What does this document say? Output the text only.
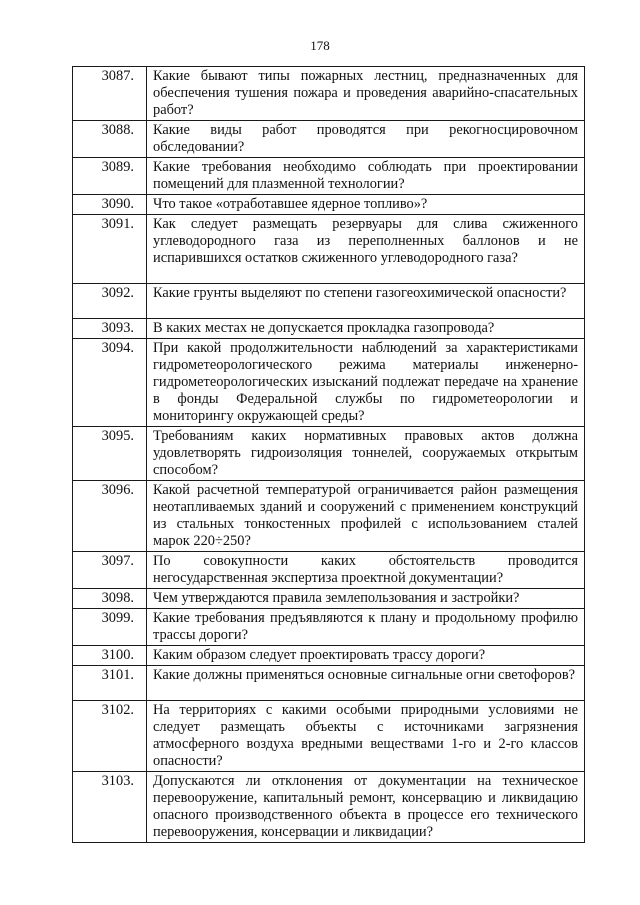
178
3087.	Какие бывают типы пожарных лестниц, предназначенных для обеспечения тушения пожара и проведения аварийно-спасательных работ?
3088.	Какие виды работ проводятся при рекогносцировочном обследовании?
3089.	Какие требования необходимо соблюдать при проектировании помещений для плазменной технологии?
3090.	Что такое «отработавшее ядерное топливо»?
3091.	Как следует размещать резервуары для слива сжиженного углеводородного газа из переполненных баллонов и не испарившихся остатков сжиженного углеводородного газа?
3092.	Какие грунты выделяют по степени газогеохимической опасности?
3093.	В каких местах не допускается прокладка газопровода?
3094.	При какой продолжительности наблюдений за характеристиками гидрометеорологического режима материалы инженерно-гидрометеорологических изысканий подлежат передаче на хранение в фонды Федеральной службы по гидрометеорологии и мониторингу окружающей среды?
3095.	Требованиям каких нормативных правовых актов должна удовлетворять гидроизоляция тоннелей, сооружаемых открытым способом?
3096.	Какой расчетной температурой ограничивается район размещения неотапливаемых зданий и сооружений с применением конструкций из стальных тонкостенных профилей с использованием сталей марок 220÷250?
3097.	По совокупности каких обстоятельств проводится негосударственная экспертиза проектной документации?
3098.	Чем утверждаются правила землепользования и застройки?
3099.	Какие требования предъявляются к плану и продольному профилю трассы дороги?
3100.	Каким образом следует проектировать трассу дороги?
3101.	Какие должны применяться основные сигнальные огни светофоров?
3102.	На территориях с какими особыми природными условиями не следует размещать объекты с источниками загрязнения атмосферного воздуха вредными веществами 1-го и 2-го классов опасности?
3103.	Допускаются ли отклонения от документации на техническое перевооружение, капитальный ремонт, консервацию и ликвидацию опасного производственного объекта в процессе его технического перевооружения, консервации и ликвидации?
